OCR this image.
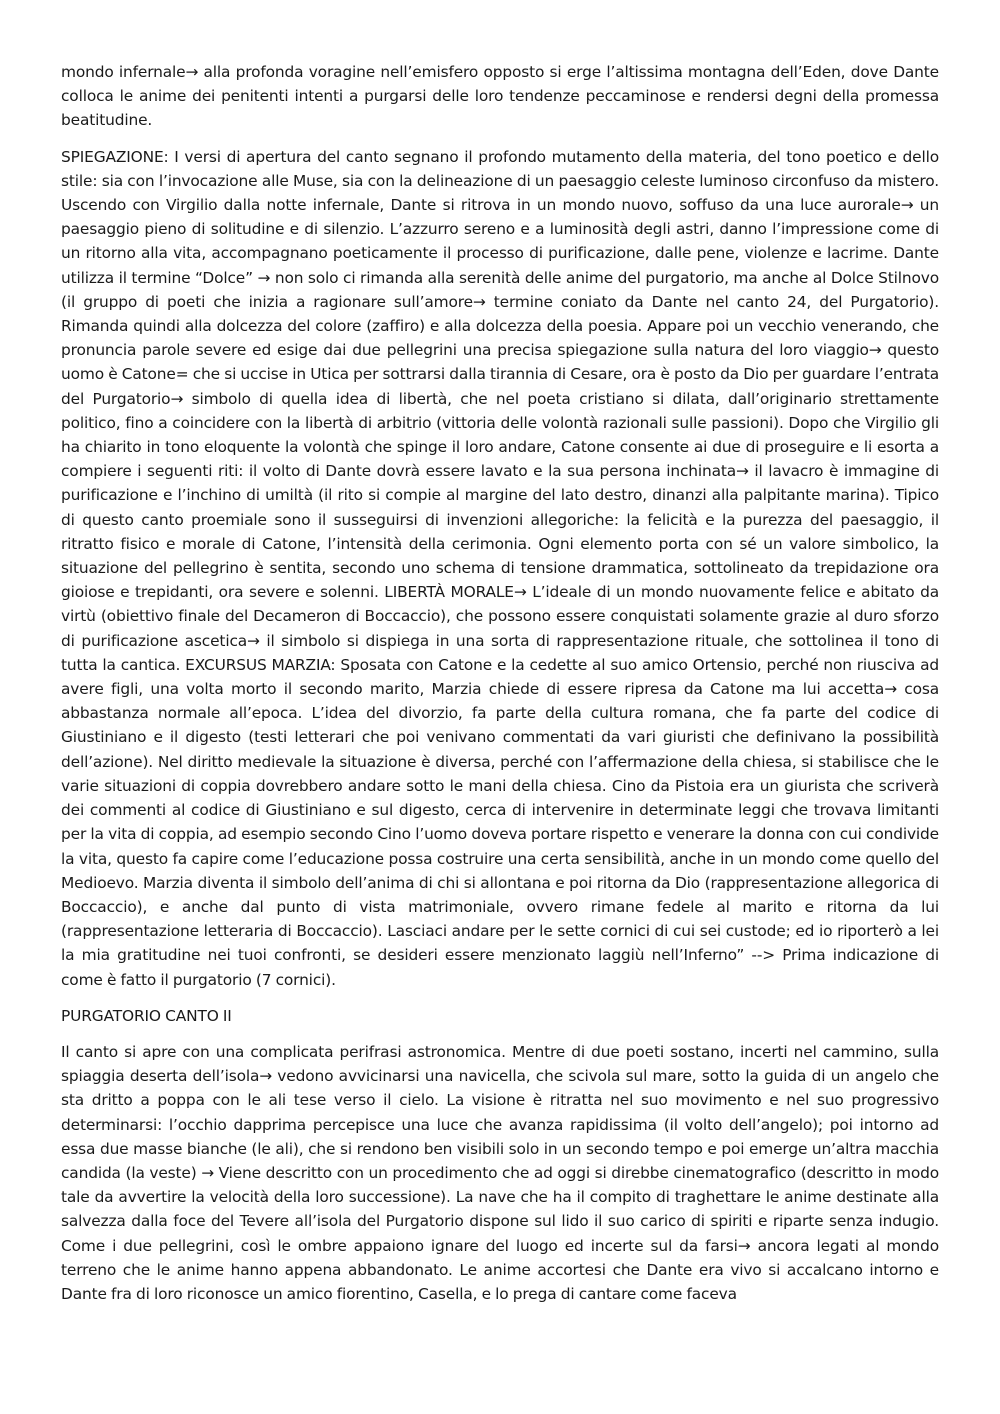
mondo infernale→ alla profonda voragine nell’emisfero opposto si erge l’altissima montagna dell’Eden, dove Dante colloca le anime dei penitenti intenti a purgarsi delle loro tendenze peccaminose e rendersi degni della promessa beatitudine.

SPIEGAZIONE: I versi di apertura del canto segnano il profondo mutamento della materia, del tono poetico e dello stile: sia con l’invocazione alle Muse, sia con la delineazione di un paesaggio celeste luminoso circonfuso da mistero. Uscendo con Virgilio dalla notte infernale, Dante si ritrova in un mondo nuovo, soffuso da una luce aurorale→ un paesaggio pieno di solitudine e di silenzio. L’azzurro sereno e a luminosità degli astri, danno l’impressione come di un ritorno alla vita, accompagnano poeticamente il processo di purificazione, dalle pene, violenze e lacrime. Dante utilizza il termine “Dolce” → non solo ci rimanda alla serenità delle anime del purgatorio, ma anche al Dolce Stilnovo (il gruppo di poeti che inizia a ragionare sull’amore→ termine coniato da Dante nel canto 24, del Purgatorio). Rimanda quindi alla dolcezza del colore (zaffiro) e alla dolcezza della poesia. Appare poi un vecchio venerando, che pronuncia parole severe ed esige dai due pellegrini una precisa spiegazione sulla natura del loro viaggio→ questo uomo è Catone= che si uccise in Utica per sottrarsi dalla tirannia di Cesare, ora è posto da Dio per guardare l’entrata del Purgatorio→ simbolo di quella idea di libertà, che nel poeta cristiano si dilata, dall’originario strettamente politico, fino a coincidere con la libertà di arbitrio (vittoria delle volontà razionali sulle passioni). Dopo che Virgilio gli ha chiarito in tono eloquente la volontà che spinge il loro andare, Catone consente ai due di proseguire e li esorta a compiere i seguenti riti: il volto di Dante dovrà essere lavato e la sua persona inchinata→ il lavacro è immagine di purificazione e l’inchino di umiltà (il rito si compie al margine del lato destro, dinanzi alla palpitante marina). Tipico di questo canto proemiale sono il susseguirsi di invenzioni allegoriche: la felicità e la purezza del paesaggio, il ritratto fisico e morale di Catone, l’intensità della cerimonia. Ogni elemento porta con sé un valore simbolico, la situazione del pellegrino è sentita, secondo uno schema di tensione drammatica, sottolineato da trepidazione ora gioiose e trepidanti, ora severe e solenni. LIBERTÀ MORALE→ L’ideale di un mondo nuovamente felice e abitato da virtù (obiettivo finale del Decameron di Boccaccio), che possono essere conquistati solamente grazie al duro sforzo di purificazione ascetica→ il simbolo si dispiega in una sorta di rappresentazione rituale, che sottolinea il tono di tutta la cantica. EXCURSUS MARZIA: Sposata con Catone e la cedette al suo amico Ortensio, perché non riusciva ad avere figli, una volta morto il secondo marito, Marzia chiede di essere ripresa da Catone ma lui accetta→ cosa abbastanza normale all’epoca. L’idea del divorzio, fa parte della cultura romana, che fa parte del codice di Giustiniano e il digesto (testi letterari che poi venivano commentati da vari giuristi che definivano la possibilità dell’azione). Nel diritto medievale la situazione è diversa, perché con l’affermazione della chiesa, si stabilisce che le varie situazioni di coppia dovrebbero andare sotto le mani della chiesa. Cino da Pistoia era un giurista che scriverà dei commenti al codice di Giustiniano e sul digesto, cerca di intervenire in determinate leggi che trovava limitanti per la vita di coppia, ad esempio secondo Cino l’uomo doveva portare rispetto e venerare la donna con cui condivide la vita, questo fa capire come l’educazione possa costruire una certa sensibilità, anche in un mondo come quello del Medioevo. Marzia diventa il simbolo dell’anima di chi si allontana e poi ritorna da Dio (rappresentazione allegorica di Boccaccio), e anche dal punto di vista matrimoniale, ovvero rimane fedele al marito e ritorna da lui (rappresentazione letteraria di Boccaccio). Lasciaci andare per le sette cornici di cui sei custode; ed io riporterò a lei la mia gratitudine nei tuoi confronti, se desideri essere menzionato laggiù nell’Inferno” --> Prima indicazione di come è fatto il purgatorio (7 cornici).

PURGATORIO CANTO II

Il canto si apre con una complicata perifrasi astronomica. Mentre di due poeti sostano, incerti nel cammino, sulla spiaggia deserta dell’isola→ vedono avvicinarsi una navicella, che scivola sul mare, sotto la guida di un angelo che sta dritto a poppa con le ali tese verso il cielo. La visione è ritratta nel suo movimento e nel suo progressivo determinarsi: l’occhio dapprima percepisce una luce che avanza rapidissima (il volto dell’angelo); poi intorno ad essa due masse bianche (le ali), che si rendono ben visibili solo in un secondo tempo e poi emerge un’altra macchia candida (la veste) → Viene descritto con un procedimento che ad oggi si direbbe cinematografico (descritto in modo tale da avvertire la velocità della loro successione). La nave che ha il compito di traghettare le anime destinate alla salvezza dalla foce del Tevere all’isola del Purgatorio dispone sul lido il suo carico di spiriti e riparte senza indugio. Come i due pellegrini, così le ombre appaiono ignare del luogo ed incerte sul da farsi→ ancora legati al mondo terreno che le anime hanno appena abbandonato. Le anime accortesi che Dante era vivo si accalcano intorno e Dante fra di loro riconosce un amico fiorentino, Casella, e lo prega di cantare come faceva
